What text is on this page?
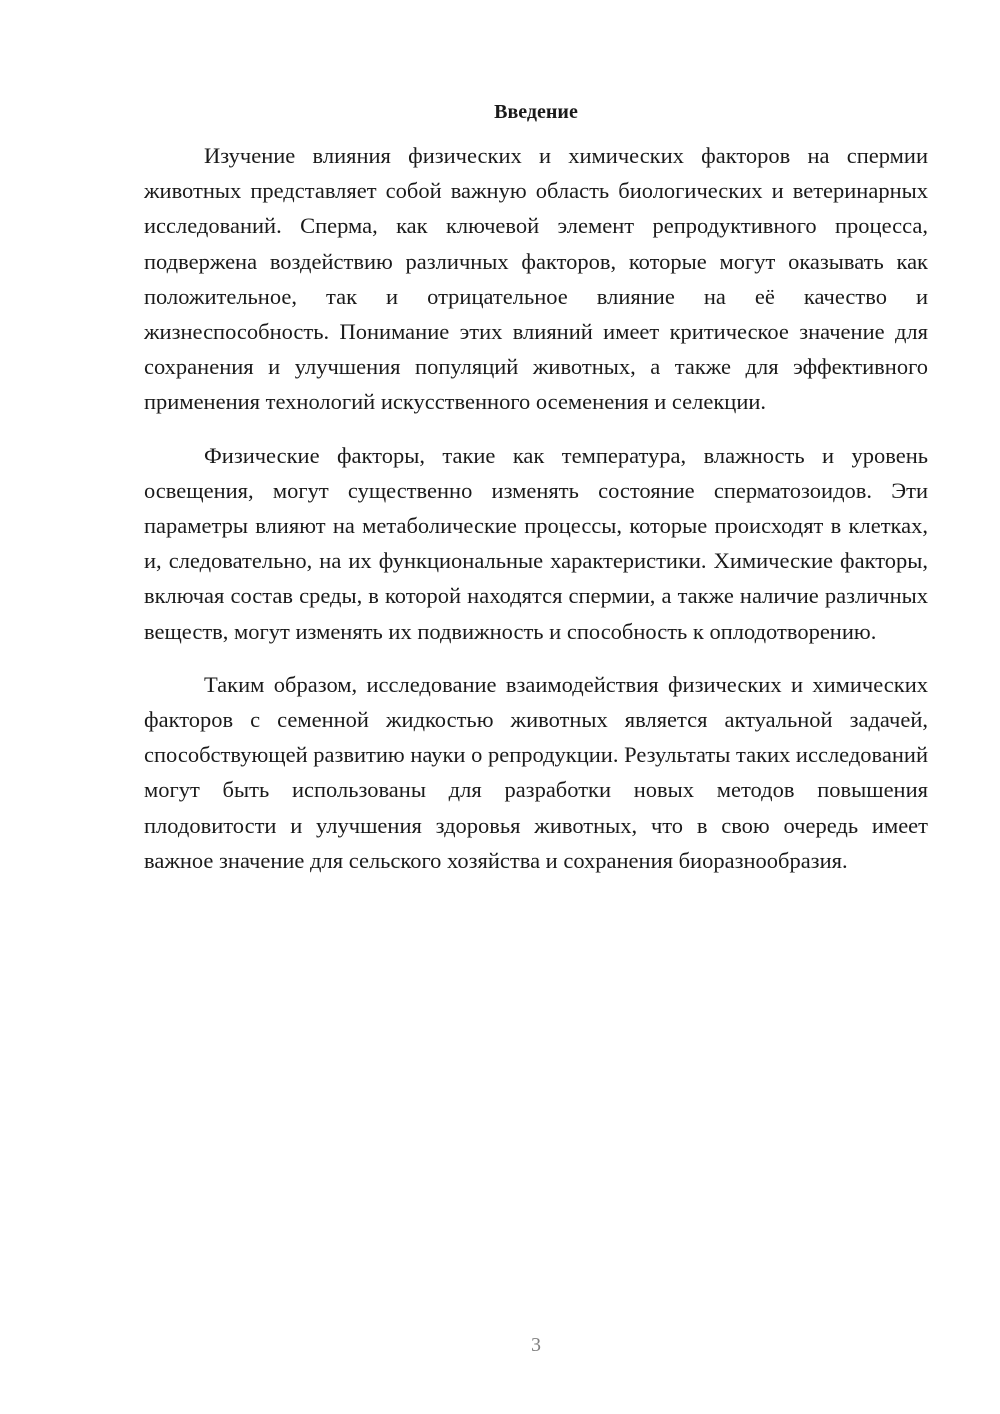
Введение

Изучение влияния физических и химических факторов на спермии животных представляет собой важную область биологических и ветеринарных исследований. Сперма, как ключевой элемент репродуктивного процесса, подвержена воздействию различных факторов, которые могут оказывать как положительное, так и отрицательное влияние на её качество и жизнеспособность. Понимание этих влияний имеет критическое значение для сохранения и улучшения популяций животных, а также для эффективного применения технологий искусственного осеменения и селекции.

Физические факторы, такие как температура, влажность и уровень освещения, могут существенно изменять состояние сперматозоидов. Эти параметры влияют на метаболические процессы, которые происходят в клетках, и, следовательно, на их функциональные характеристики. Химические факторы, включая состав среды, в которой находятся спермии, а также наличие различных веществ, могут изменять их подвижность и способность к оплодотворению.

Таким образом, исследование взаимодействия физических и химических факторов с семенной жидкостью животных является актуальной задачей, способствующей развитию науки о репродукции. Результаты таких исследований могут быть использованы для разработки новых методов повышения плодовитости и улучшения здоровья животных, что в свою очередь имеет важное значение для сельского хозяйства и сохранения биоразнообразия.

3
